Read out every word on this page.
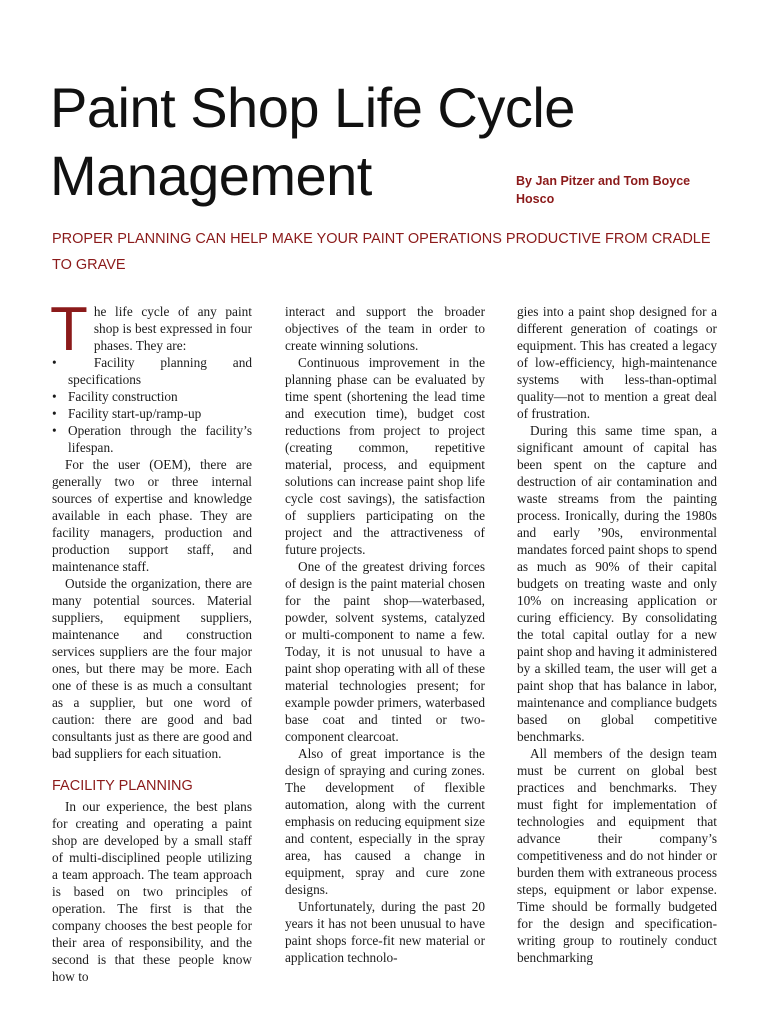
Paint Shop Life Cycle Management	By Jan Pitzer and Tom Boyce
Hosco

PROPER PLANNING CAN HELP MAKE YOUR PAINT OPERATIONS PRODUCTIVE FROM CRADLE TO GRAVE

The life cycle of any paint shop is best expressed in four phases. They are:

• Facility planning and specifications
• Facility construction
• Facility start-up/ramp-up
• Operation through the facility’s lifespan.

For the user (OEM), there are generally two or three internal sources of expertise and knowledge available in each phase. They are facility managers, production and production support staff, and maintenance staff.

Outside the organization, there are many potential sources. Material suppliers, equipment suppliers, maintenance and construction services suppliers are the four major ones, but there may be more. Each one of these is as much a consultant as a supplier, but one word of caution: there are good and bad consultants just as there are good and bad suppliers for each situation.

FACILITY PLANNING

In our experience, the best plans for creating and operating a paint shop are developed by a small staff of multi-disciplined people utilizing a team approach. The team approach is based on two principles of operation. The first is that the company chooses the best people for their area of responsibility, and the second is that these people know how to

interact and support the broader objectives of the team in order to create winning solutions.

Continuous improvement in the planning phase can be evaluated by time spent (shortening the lead time and execution time), budget cost reductions from project to project (creating common, repetitive material, process, and equipment solutions can increase paint shop life cycle cost savings), the satisfaction of suppliers participating on the project and the attractiveness of future projects.

One of the greatest driving forces of design is the paint material chosen for the paint shop—waterbased, powder, solvent systems, catalyzed or multi-component to name a few. Today, it is not unusual to have a paint shop operating with all of these material technologies present; for example powder primers, waterbased base coat and tinted or two-component clearcoat.

Also of great importance is the design of spraying and curing zones. The development of flexible automation, along with the current emphasis on reducing equipment size and content, especially in the spray area, has caused a change in equipment, spray and cure zone designs.

Unfortunately, during the past 20 years it has not been unusual to have paint shops force-fit new material or application technolo-

gies into a paint shop designed for a different generation of coatings or equipment. This has created a legacy of low-efficiency, high-maintenance systems with less-than-optimal quality—not to mention a great deal of frustration.

During this same time span, a significant amount of capital has been spent on the capture and destruction of air contamination and waste streams from the painting process. Ironically, during the 1980s and early ’90s, environmental mandates forced paint shops to spend as much as 90% of their capital budgets on treating waste and only 10% on increasing application or curing efficiency. By consolidating the total capital outlay for a new paint shop and having it administered by a skilled team, the user will get a paint shop that has balance in labor, maintenance and compliance budgets based on global competitive benchmarks.

All members of the design team must be current on global best practices and benchmarks. They must fight for implementation of technologies and equipment that advance their company’s competitiveness and do not hinder or burden them with extraneous process steps, equipment or labor expense. Time should be formally budgeted for the design and specification-writing group to routinely conduct benchmarking
